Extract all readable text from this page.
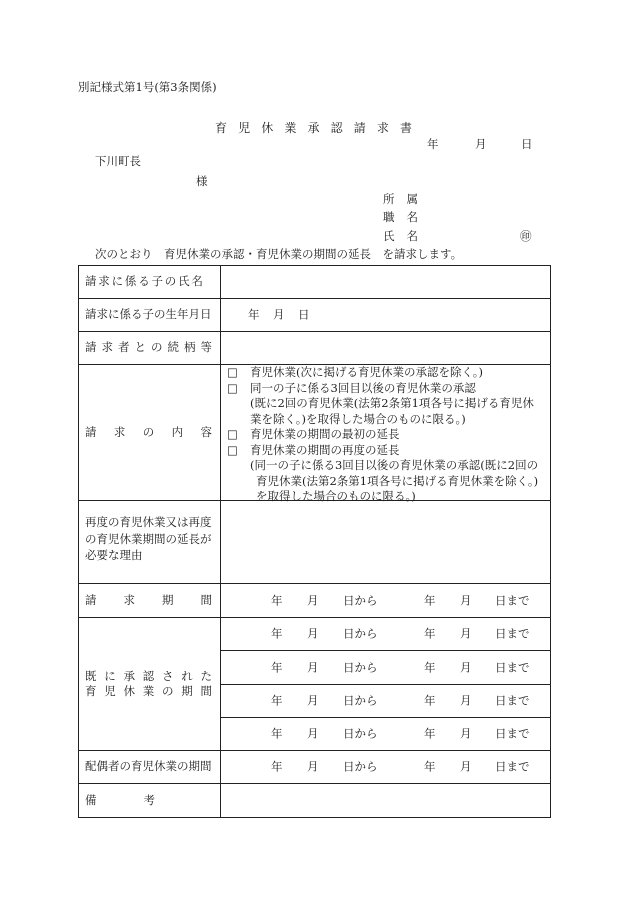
別記様式第1号(第3条関係)
育 児 休 業 承 認 請 求 書
年	月	日
下川町長
様
所　属
職　名
氏　名	㊞
次のとおり　育児休業の承認・育児休業の期間の延長　を請求します。
請求に係る子の氏名
請求に係る子の生年月日	年 月 日
請 求 者 と の 続 柄 等
請　求　の　内　容
□ 育児休業(次に掲げる育児休業の承認を除く。)
□ 同一の子に係る3回目以後の育児休業の承認
(既に2回の育児休業(法第2条第1項各号に掲げる育児休
業を除く。)を取得した場合のものに限る。)
□ 育児休業の期間の最初の延長
□ 育児休業の期間の再度の延長
(同一の子に係る3回目以後の育児休業の承認(既に2回の
育児休業(法第2条第1項各号に掲げる育児休業を除く。)
を取得した場合のものに限る。)
再度の育児休業又は再度
の育児休業期間の延長が
必要な理由
請　求　期　間	年 月 日から	年 月 日まで
既 に 承 認 さ れ た
育 児 休 業 の 期 間
年 月 日から	年 月 日まで
年 月 日から	年 月 日まで
年 月 日から	年 月 日まで
年 月 日から	年 月 日まで
配偶者の育児休業の期間	年 月 日から	年 月 日まで
備　　考
